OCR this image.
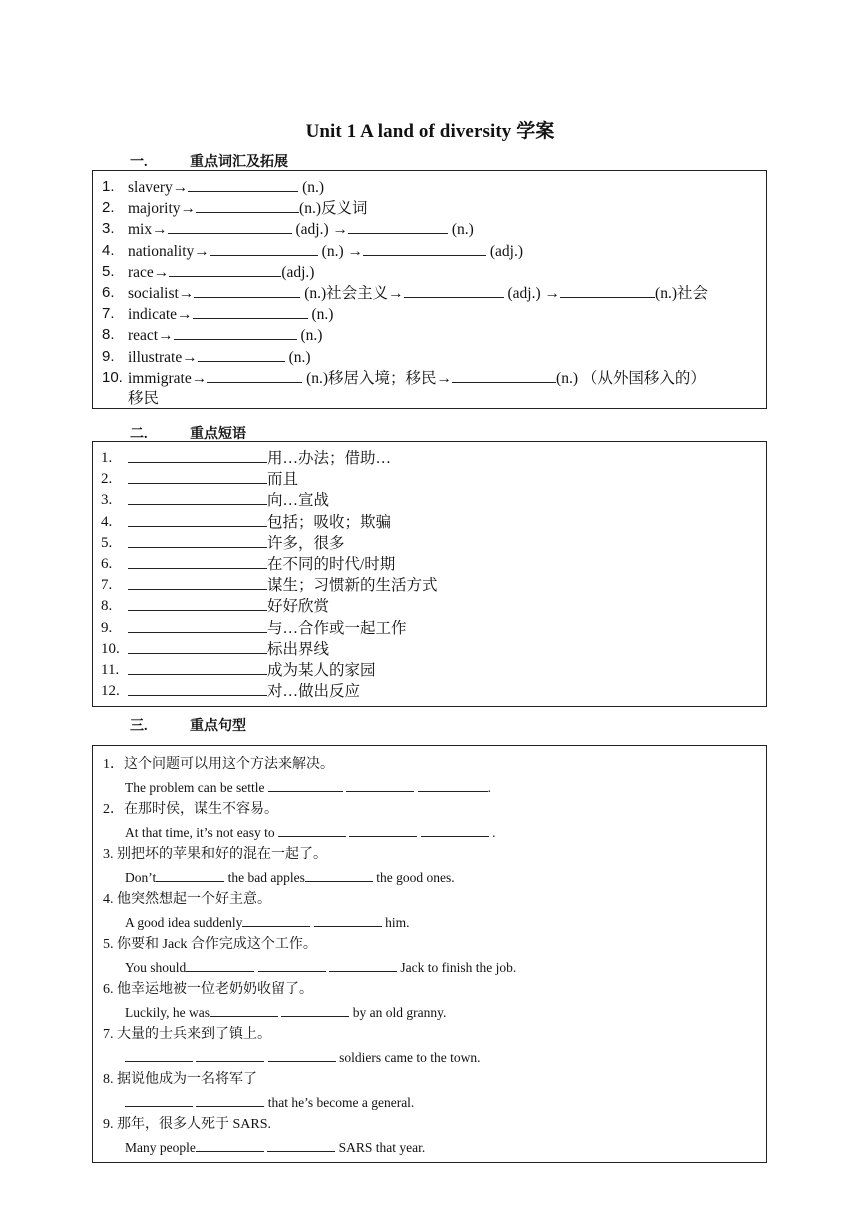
Unit 1 A land of diversity 学案
一.	重点词汇及拓展
1. slavery→	(n.)
2. majority→	(n.)反义词
3. mix→	(adj.) →	(n.)
4. nationality→	(n.) →	(adj.)
5. race→	(adj.)
6. socialist→	(n.)社会主义→	(adj.) →	(n.)社会
7. indicate→	(n.)
8. react→	(n.)
9. illustrate→	(n.)
10. immigrate→	(n.)移居入境；移民→	(n.) （从外国移入的）
移民
二.	重点短语
1.	用…办法；借助…
2.	而且
3.	向…宣战
4.	包括；吸收；欺骗
5.	许多，很多
6.	在不同的时代/时期
7.	谋生；习惯新的生活方式
8.	好好欣赏
9.	与…合作或一起工作
10.	标出界线
11.	成为某人的家园
12.	对…做出反应
三.	重点句型
1．这个问题可以用这个方法来解决。
The problem can be settle	.
2．在那时侯，谋生不容易。
At that time, it’s not easy to	.
3. 别把坏的苹果和好的混在一起了。
Don’t	the bad apples	the good ones.
4. 他突然想起一个好主意。
A good idea suddenly	him.
5. 你要和 Jack 合作完成这个工作。
You should	Jack to finish the job.
6. 他幸运地被一位老奶奶收留了。
Luckily, he was	by an old granny.
7. 大量的士兵来到了镇上。
soldiers came to the town.
8. 据说他成为一名将军了
that he’s become a general.
9. 那年，很多人死于 SARS.
Many people	SARS that year.
